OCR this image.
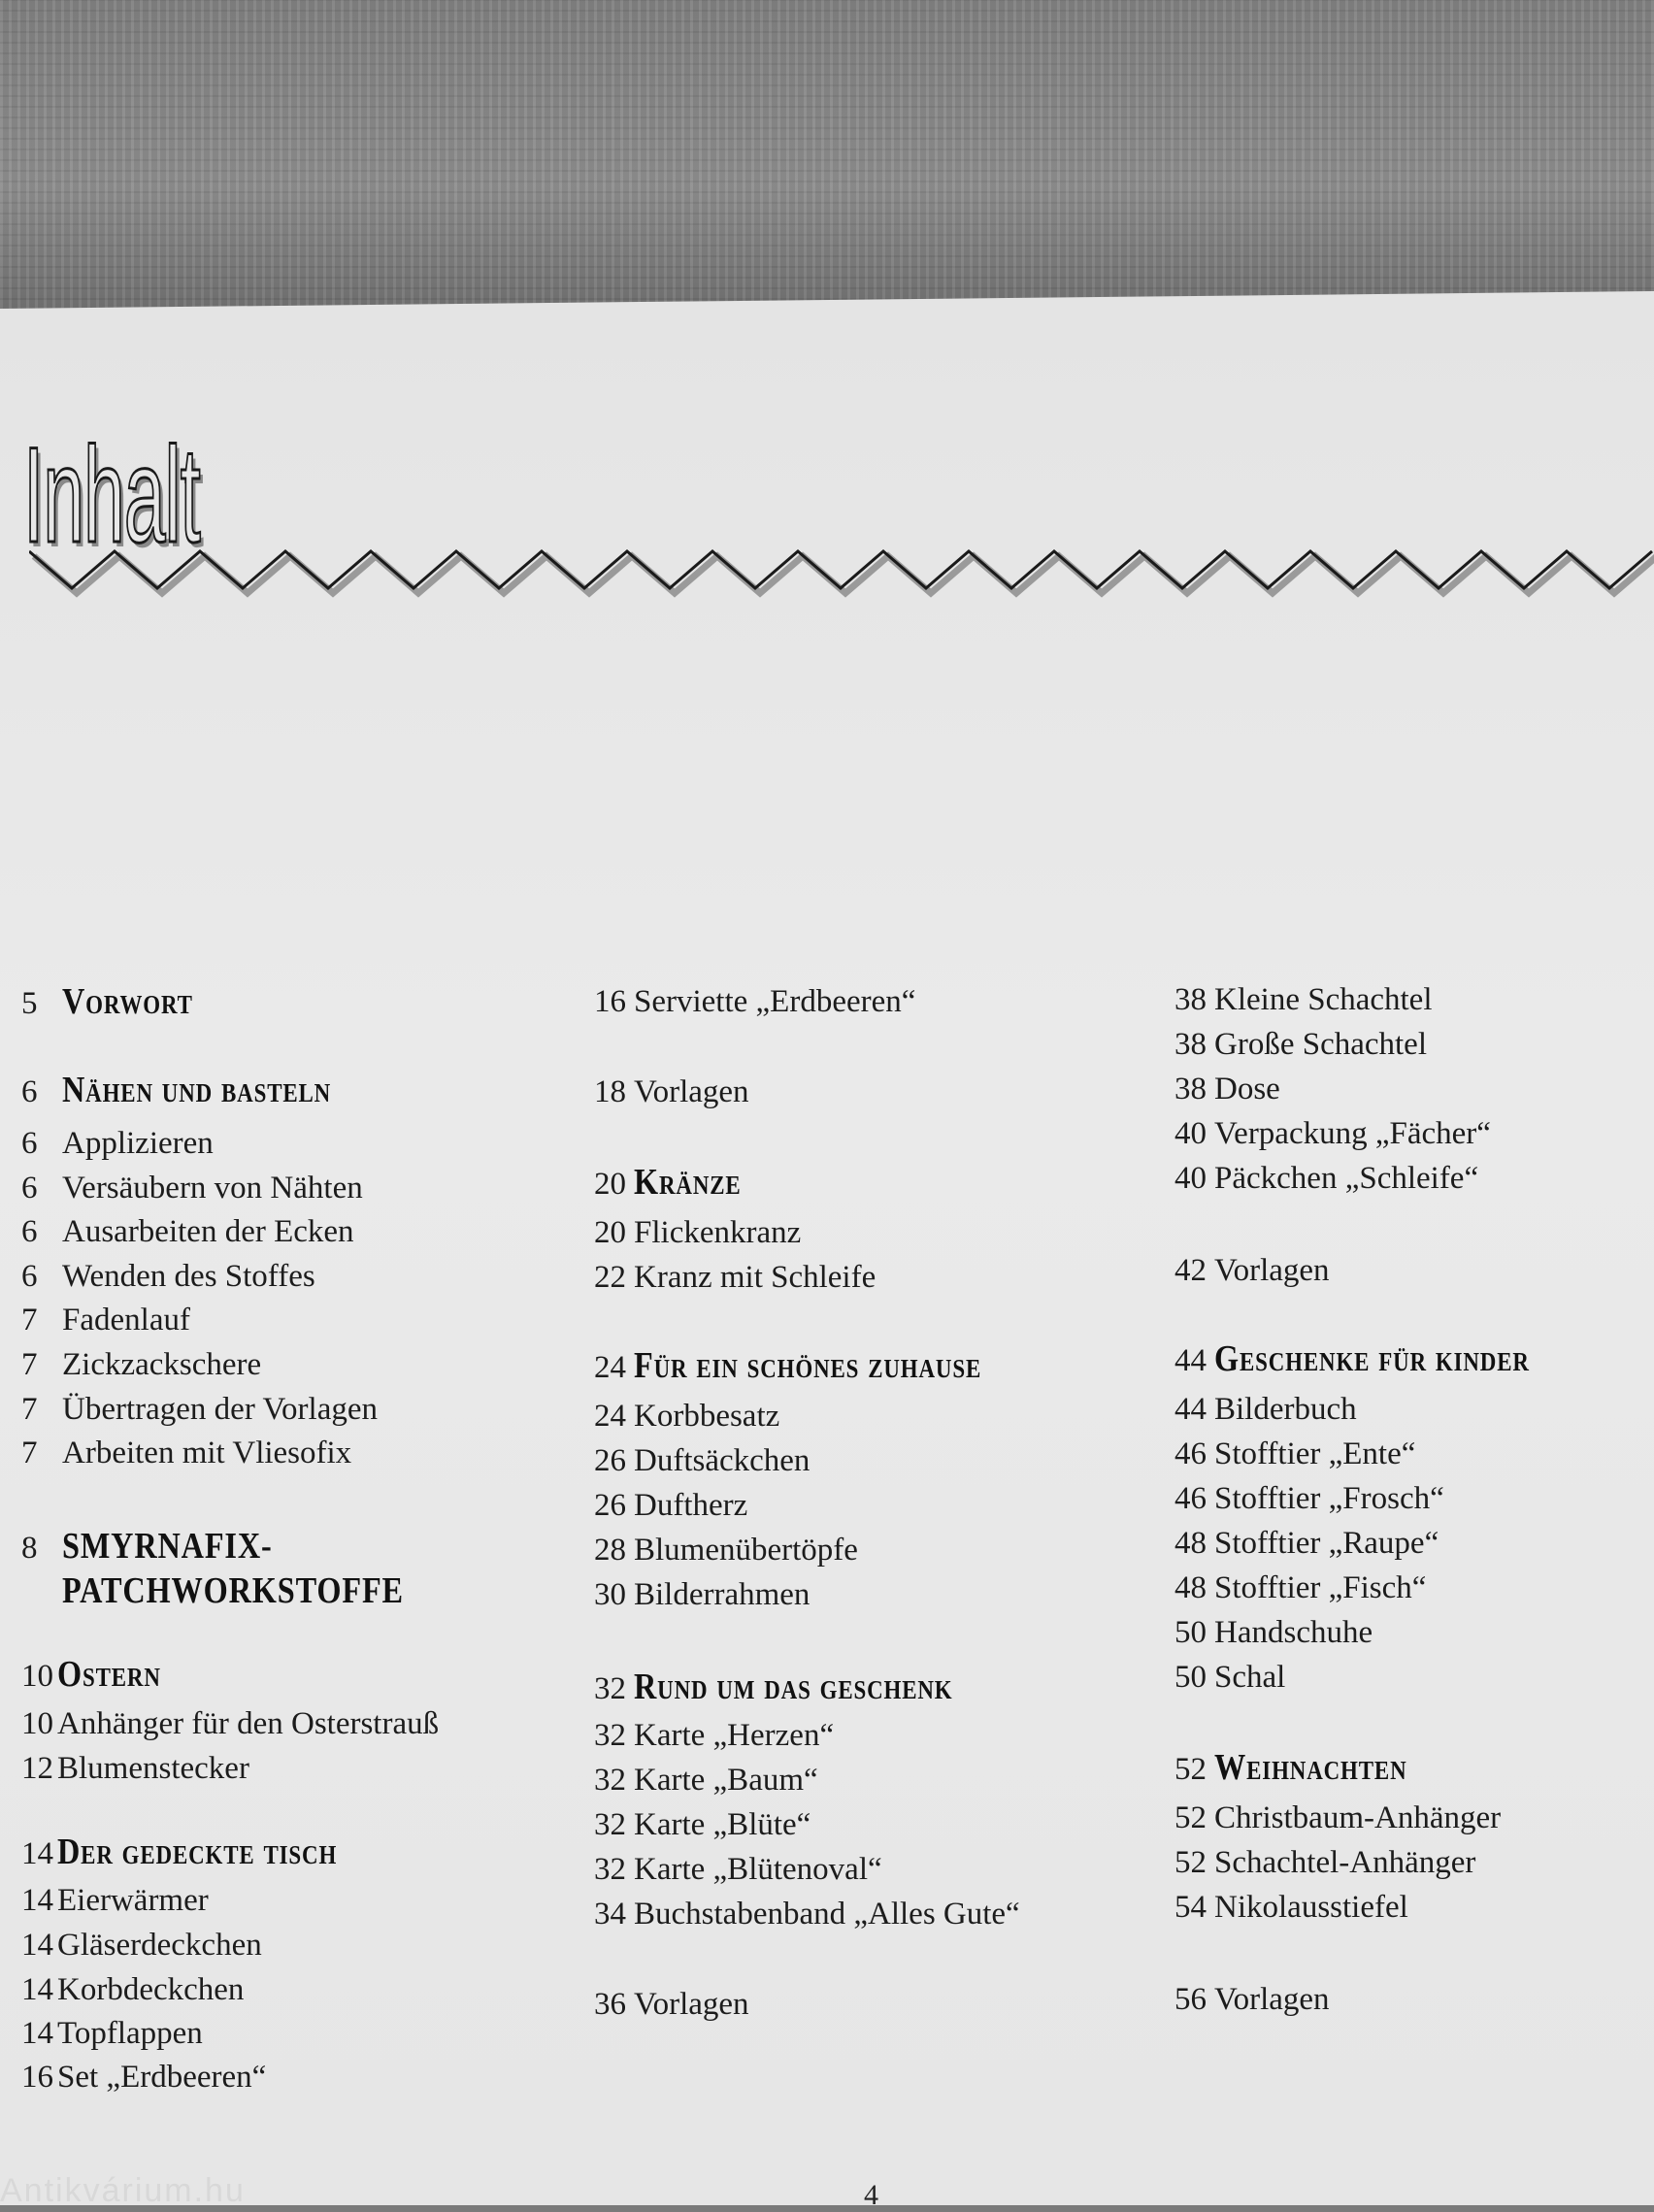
Inhalt
5 Vorwort
6 Nähen und basteln
6 Applizieren
6 Versäubern von Nähten
6 Ausarbeiten der Ecken
6 Wenden des Stoffes
7 Fadenlauf
7 Zickzackschere
7 Übertragen der Vorlagen
7 Arbeiten mit Vliesofix
8 SMYRNAFIX-
PATCHWORKSTOFFE
10 Ostern
10 Anhänger für den Osterstrauß
12 Blumenstecker
14 Der gedeckte tisch
14 Eierwärmer
14 Gläserdeckchen
14 Korbdeckchen
14 Topflappen
16 Set „Erdbeeren“
16 Serviette „Erdbeeren“
18 Vorlagen
20 Kränze
20 Flickenkranz
22 Kranz mit Schleife
24 Für ein schönes zuhause
24 Korbbesatz
26 Duftsäckchen
26 Duftherz
28 Blumenübertöpfe
30 Bilderrahmen
32 Rund um das geschenk
32 Karte „Herzen“
32 Karte „Baum“
32 Karte „Blüte“
32 Karte „Blütenoval“
34 Buchstabenband „Alles Gute“
36 Vorlagen
38 Kleine Schachtel
38 Große Schachtel
38 Dose
40 Verpackung „Fächer“
40 Päckchen „Schleife“
42 Vorlagen
44 Geschenke für kinder
44 Bilderbuch
46 Stofftier „Ente“
46 Stofftier „Frosch“
48 Stofftier „Raupe“
48 Stofftier „Fisch“
50 Handschuhe
50 Schal
52 Weihnachten
52 Christbaum-Anhänger
52 Schachtel-Anhänger
54 Nikolausstiefel
56 Vorlagen
Antikvárium.hu	4
